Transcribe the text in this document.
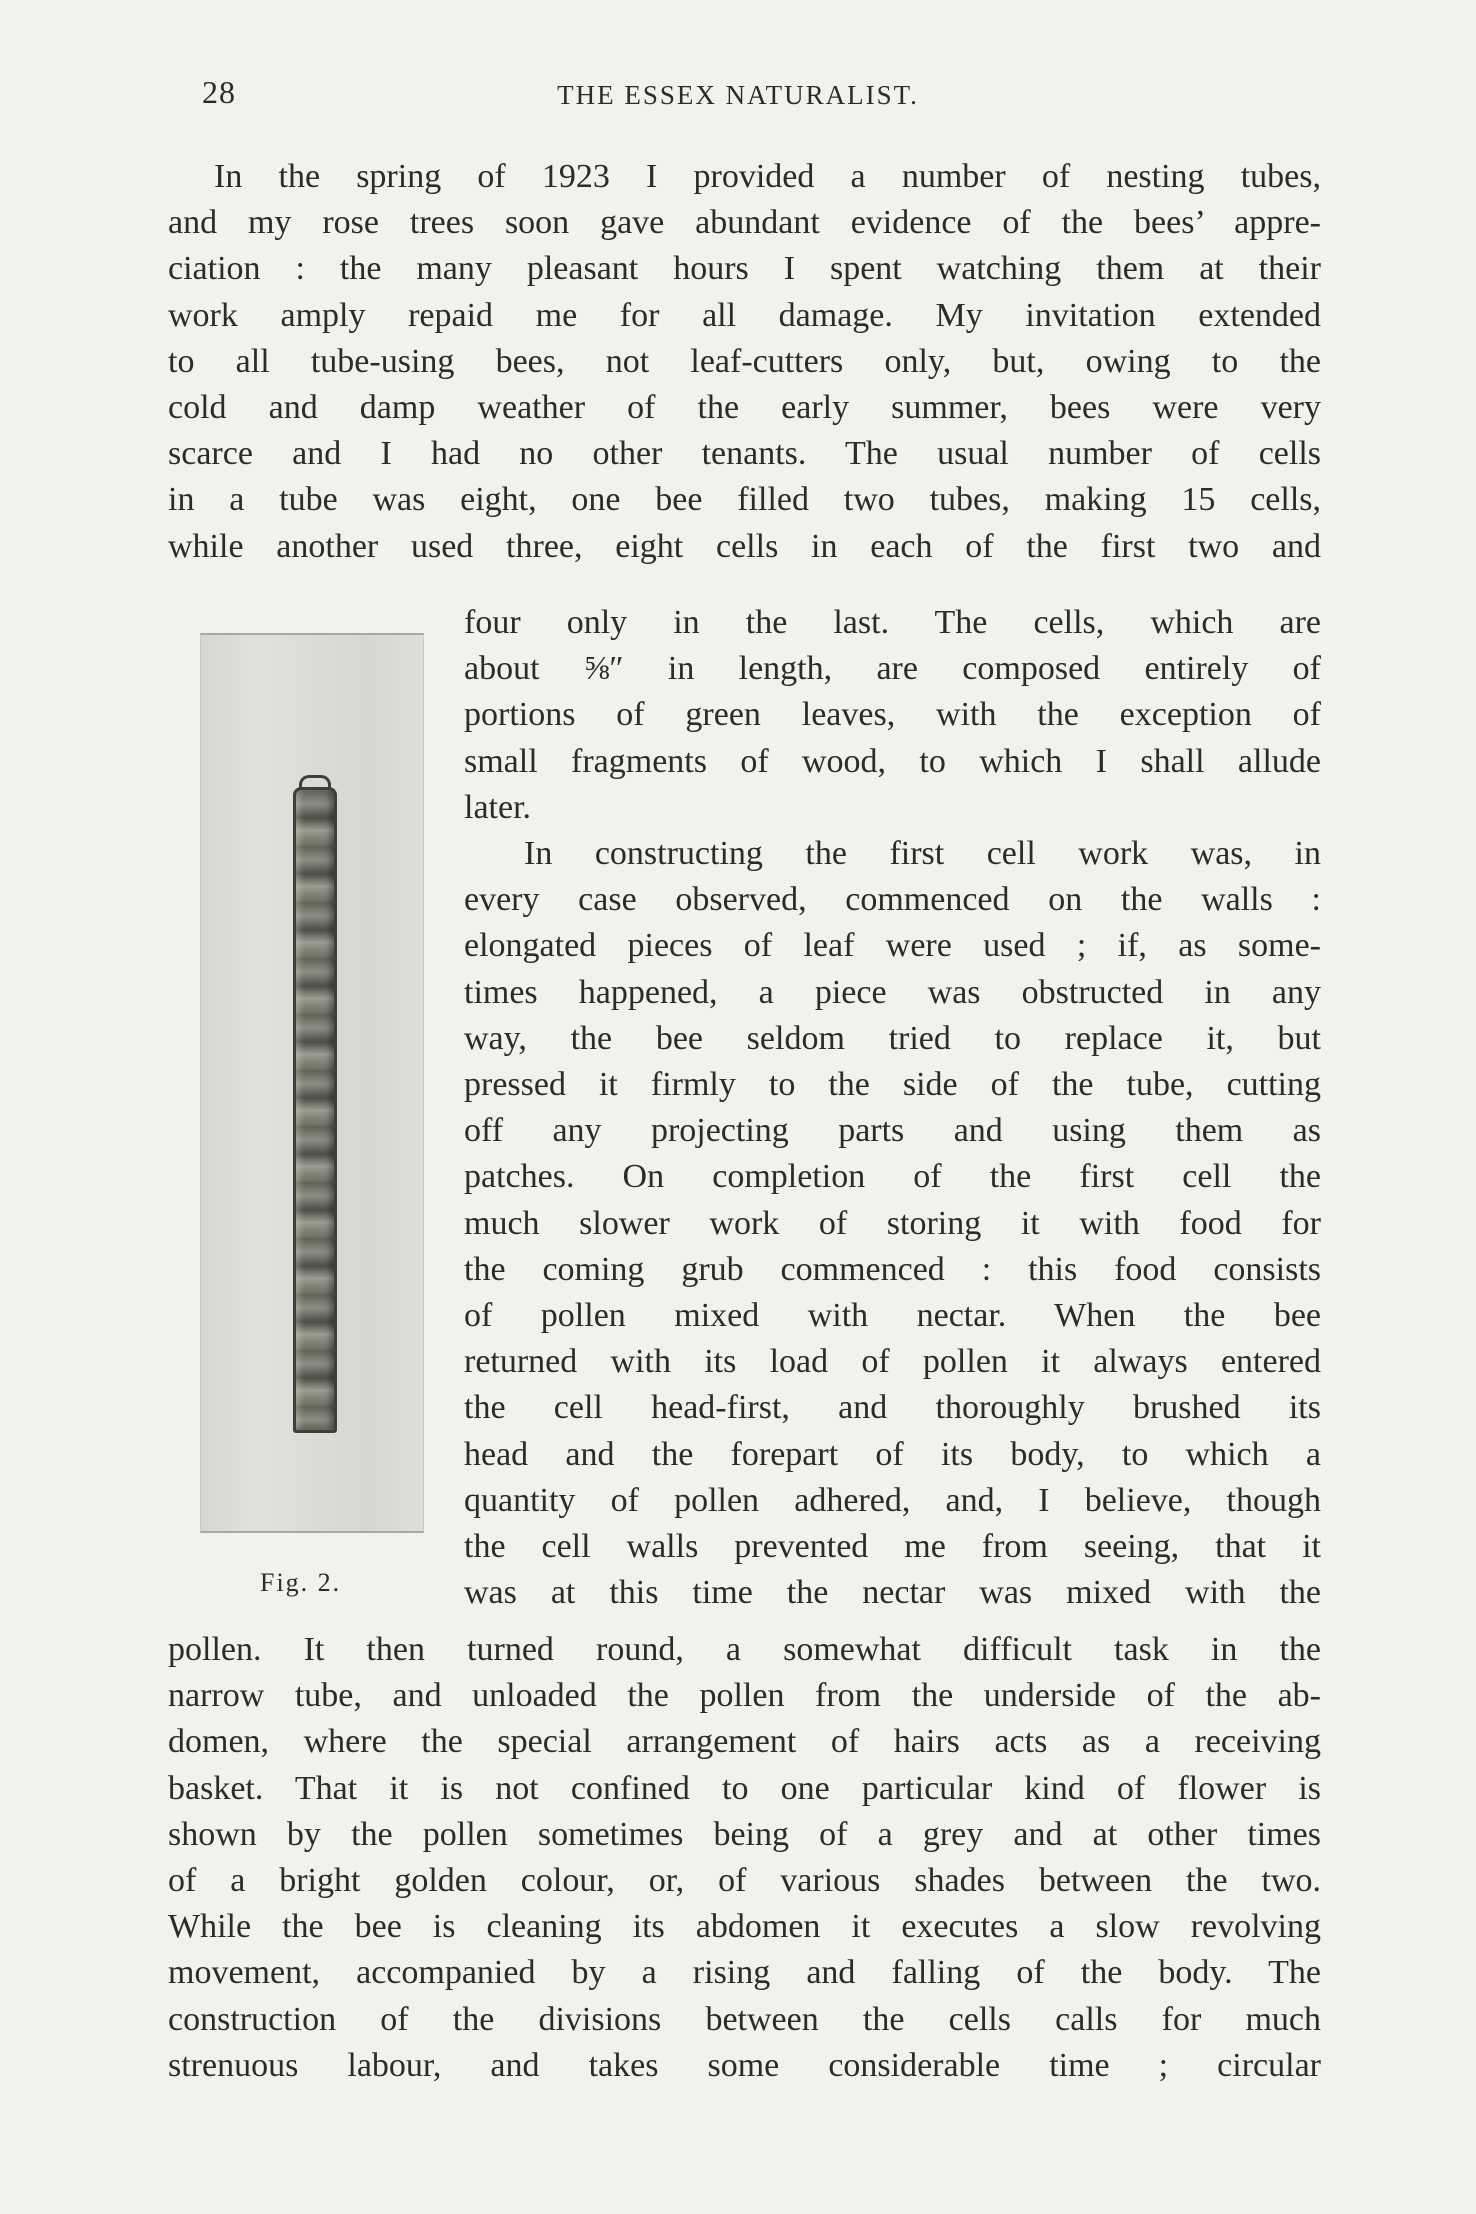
28	THE ESSEX NATURALIST.
Fig. 2.
In the spring of 1923 I provided a number of nesting tubes,
and my rose trees soon gave abundant evidence of the bees’ appre-
ciation : the many pleasant hours I spent watching them at their
work amply repaid me for all damage. My invitation extended
to all tube-using bees, not leaf-cutters only, but, owing to the
cold and damp weather of the early summer, bees were very
scarce and I had no other tenants. The usual number of cells
in a tube was eight, one bee filled two tubes, making 15 cells,
while another used three, eight cells in each of the first two and
four only in the last. The cells, which are
about ⅝″ in length, are composed entirely of
portions of green leaves, with the exception of
small fragments of wood, to which I shall allude
later.
In constructing the first cell work was, in
every case observed, commenced on the walls :
elongated pieces of leaf were used ; if, as some-
times happened, a piece was obstructed in any
way, the bee seldom tried to replace it, but
pressed it firmly to the side of the tube, cutting
off any projecting parts and using them as
patches. On completion of the first cell the
much slower work of storing it with food for
the coming grub commenced : this food consists
of pollen mixed with nectar. When the bee
returned with its load of pollen it always entered
the cell head-first, and thoroughly brushed its
head and the forepart of its body, to which a
quantity of pollen adhered, and, I believe, though
the cell walls prevented me from seeing, that it
was at this time the nectar was mixed with the
pollen. It then turned round, a somewhat difficult task in the
narrow tube, and unloaded the pollen from the underside of the ab-
domen, where the special arrangement of hairs acts as a receiving
basket. That it is not confined to one particular kind of flower is
shown by the pollen sometimes being of a grey and at other times
of a bright golden colour, or, of various shades between the two.
While the bee is cleaning its abdomen it executes a slow revolving
movement, accompanied by a rising and falling of the body. The
construction of the divisions between the cells calls for much
strenuous labour, and takes some considerable time ; circular
